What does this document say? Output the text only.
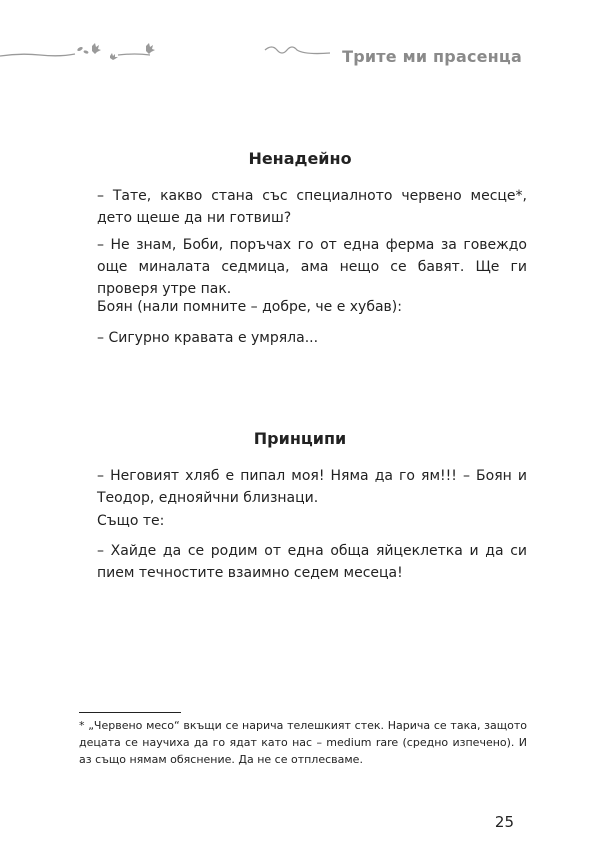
Трите ми прасенца
Ненадейно
– Тате, какво стана със специалното червено месце*, дето щеше да ни готвиш?
– Не знам, Боби, поръчах го от една ферма за говеждо още миналата седмица, ама нещо се бавят. Ще ги проверя утре пак.
Боян (нали помните – добре, че е хубав):
– Сигурно кравата е умряла...
Принципи
– Неговият хляб е пипал моя! Няма да го ям!!! – Боян и Теодор, еднояйчни близнаци.
Също те:
– Хайде да се родим от една обща яйцеклетка и да си пием течностите взаимно седем месеца!
* „Червено месо“ вкъщи се нарича телешкият стек. Нарича се така, защото децата се научиха да го ядат като нас – medium rare (средно изпечено). И аз също нямам обяснение. Да не се отплесваме.
25
